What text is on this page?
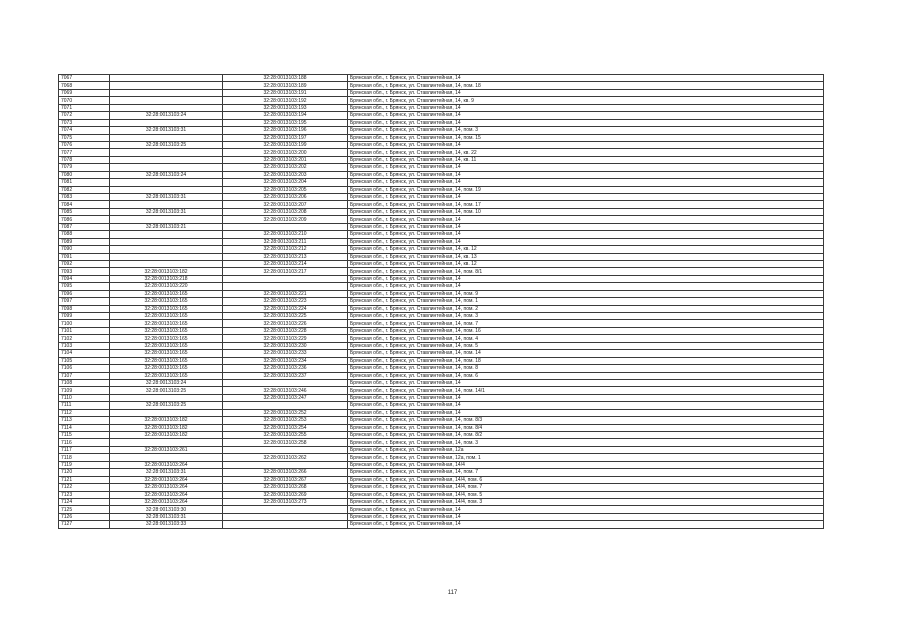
7067		32:28:0013103:188	Брянская обл., г. Брянск, ул. Ставлинтейная, 14
7068		32:28:0013103:189	Брянская обл., г. Брянск, ул. Ставлинтейная, 14, пом. 18
7069		32:28:0013103:191	Брянская обл., г. Брянск, ул. Ставлинтейная, 14
7070		32:28:0013103:192	Брянская обл., г. Брянск, ул. Ставлинтейная, 14, кв. 9
7071		32:28:0013103:193	Брянская обл., г. Брянск, ул. Ставлинтейная, 14
7072	32:28:0013103:24	32:28:0013103:194	Брянская обл., г. Брянск, ул. Ставлинтейная, 14
7073		32:28:0013103:195	Брянская обл., г. Брянск, ул. Ставлинтейная, 14
7074	32:28:0013103:31	32:28:0013103:196	Брянская обл., г. Брянск, ул. Ставлинтейная, 14, пом. 3
7075		32:28:0013103:197	Брянская обл., г. Брянск, ул. Ставлинтейная, 14, пом. 15
7076	32:28:0013103:25	32:28:0013103:199	Брянская обл., г. Брянск, ул. Ставлинтейная, 14
7077		32:28:0013103:200	Брянская обл., г. Брянск, ул. Ставлинтейная, 14, кв. 22
7078		32:28:0013103:201	Брянская обл., г. Брянск, ул. Ставлинтейная, 14, кв. 11
7079		32:28:0013103:202	Брянская обл., г. Брянск, ул. Ставлинтейная, 14
7080	32:28:0013103:24	32:28:0013103:203	Брянская обл., г. Брянск, ул. Ставлинтейная, 14
7081		32:28:0013103:204	Брянская обл., г. Брянск, ул. Ставлинтейная, 14
7082		32:28:0013103:205	Брянская обл., г. Брянск, ул. Ставлинтейная, 14, пом. 19
7083	32:28:0013103:31	32:28:0013103:206	Брянская обл., г. Брянск, ул. Ставлинтейная, 14
7084		32:28:0013103:207	Брянская обл., г. Брянск, ул. Ставлинтейная, 14, пом. 17
7085	32:28:0013103:31	32:28:0013103:208	Брянская обл., г. Брянск, ул. Ставлинтейная, 14, пом. 10
7086		32:28:0013103:209	Брянская обл., г. Брянск, ул. Ставлинтейная, 14
7087	32:28:0013103:21		Брянская обл., г. Брянск, ул. Ставлинтейная, 14
7088		32:28:0013103:210	Брянская обл., г. Брянск, ул. Ставлинтейная, 14
7089		32:28:0013103:211	Брянская обл., г. Брянск, ул. Ставлинтейная, 14
7090		32:28:0013103:212	Брянская обл., г. Брянск, ул. Ставлинтейная, 14, кв. 12
7091		32:28:0013103:213	Брянская обл., г. Брянск, ул. Ставлинтейная, 14, кв. 13
7092		32:28:0013103:214	Брянская обл., г. Брянск, ул. Ставлинтейная, 14, кв. 12
7093	32:28:0013103:182	32:28:0013103:217	Брянская обл., г. Брянск, ул. Ставлинтейная, 14, пом. 8/1
7094	32:28:0013103:218		Брянская обл., г. Брянск, ул. Ставлинтейная, 14
7095	32:28:0013103:220		Брянская обл., г. Брянск, ул. Ставлинтейная, 14
7096	32:28:0013103:165	32:28:0013103:221	Брянская обл., г. Брянск, ул. Ставлинтейная, 14, пом. 9
7097	32:28:0013103:165	32:28:0013103:223	Брянская обл., г. Брянск, ул. Ставлинтейная, 14, пом. 1
7098	32:28:0013103:165	32:28:0013103:224	Брянская обл., г. Брянск, ул. Ставлинтейная, 14, пом. 2
7099	32:28:0013103:165	32:28:0013103:225	Брянская обл., г. Брянск, ул. Ставлинтейная, 14, пом. 3
7100	32:28:0013103:165	32:28:0013103:226	Брянская обл., г. Брянск, ул. Ставлинтейная, 14, пом. 7
7101	32:28:0013103:165	32:28:0013103:228	Брянская обл., г. Брянск, ул. Ставлинтейная, 14, пом. 16
7102	32:28:0013103:165	32:28:0013103:229	Брянская обл., г. Брянск, ул. Ставлинтейная, 14, пом. 4
7103	32:28:0013103:165	32:28:0013103:230	Брянская обл., г. Брянск, ул. Ставлинтейная, 14, пом. 5
7104	32:28:0013103:165	32:28:0013103:233	Брянская обл., г. Брянск, ул. Ставлинтейная, 14, пом. 14
7105	32:28:0013103:165	32:28:0013103:234	Брянская обл., г. Брянск, ул. Ставлинтейная, 14, пом. 18
7106	32:28:0013103:165	32:28:0013103:236	Брянская обл., г. Брянск, ул. Ставлинтейная, 14, пом. 8
7107	32:28:0013103:165	32:28:0013103:237	Брянская обл., г. Брянск, ул. Ставлинтейная, 14, пом. 6
7108	32:28:0013103:24		Брянская обл., г. Брянск, ул. Ставлинтейная, 14
7109	32:28:0013103:25	32:28:0013103:246	Брянская обл., г. Брянск, ул. Ставлинтейная, 14, пом. 14/1
7110		32:28:0013103:247	Брянская обл., г. Брянск, ул. Ставлинтейная, 14
7111	32:28:0013103:25		Брянская обл., г. Брянск, ул. Ставлинтейная, 14
7112		32:28:0013103:252	Брянская обл., г. Брянск, ул. Ставлинтейная, 14
7113	32:28:0013103:182	32:28:0013103:253	Брянская обл., г. Брянск, ул. Ставлинтейная, 14, пом. 8/3
7114	32:28:0013103:182	32:28:0013103:254	Брянская обл., г. Брянск, ул. Ставлинтейная, 14, пом. 8/4
7115	32:28:0013103:182	32:28:0013103:255	Брянская обл., г. Брянск, ул. Ставлинтейная, 14, пом. 8/2
7116		32:28:0013103:258	Брянская обл., г. Брянск, ул. Ставлинтейная, 14, пом. 3
7117	32:28:0013103:261		Брянская обл., г. Брянск, ул. Ставлинтейная, 12а
7118		32:28:0013103:262	Брянская обл., г. Брянск, ул. Ставлинтейная, 12а, пом. 1
7119	32:28:0013103:264		Брянская обл., г. Брянск, ул. Ставлинтейная, 14/4
7120	32:28:0013103:31	32:28:0013103:266	Брянская обл., г. Брянск, ул. Ставлинтейная, 14, пом. 7
7121	32:28:0013103:264	32:28:0013103:267	Брянская обл., г. Брянск, ул. Ставлинтейная, 14/4, пом. 6
7122	32:28:0013103:264	32:28:0013103:268	Брянская обл., г. Брянск, ул. Ставлинтейная, 14/4, пом. 7
7123	32:28:0013103:264	32:28:0013103:269	Брянская обл., г. Брянск, ул. Ставлинтейная, 14/4, пом. 5
7124	32:28:0013103:264	32:28:0013103:273	Брянская обл., г. Брянск, ул. Ставлинтейная, 14/4, пом. 3
7125	32:28:0013103:30		Брянская обл., г. Брянск, ул. Ставлинтейная, 14
7126	32:28:0013103:31		Брянская обл., г. Брянск, ул. Ставлинтейная, 14
7127	32:28:0013103:33		Брянская обл., г. Брянск, ул. Ставлинтейная, 14
117
